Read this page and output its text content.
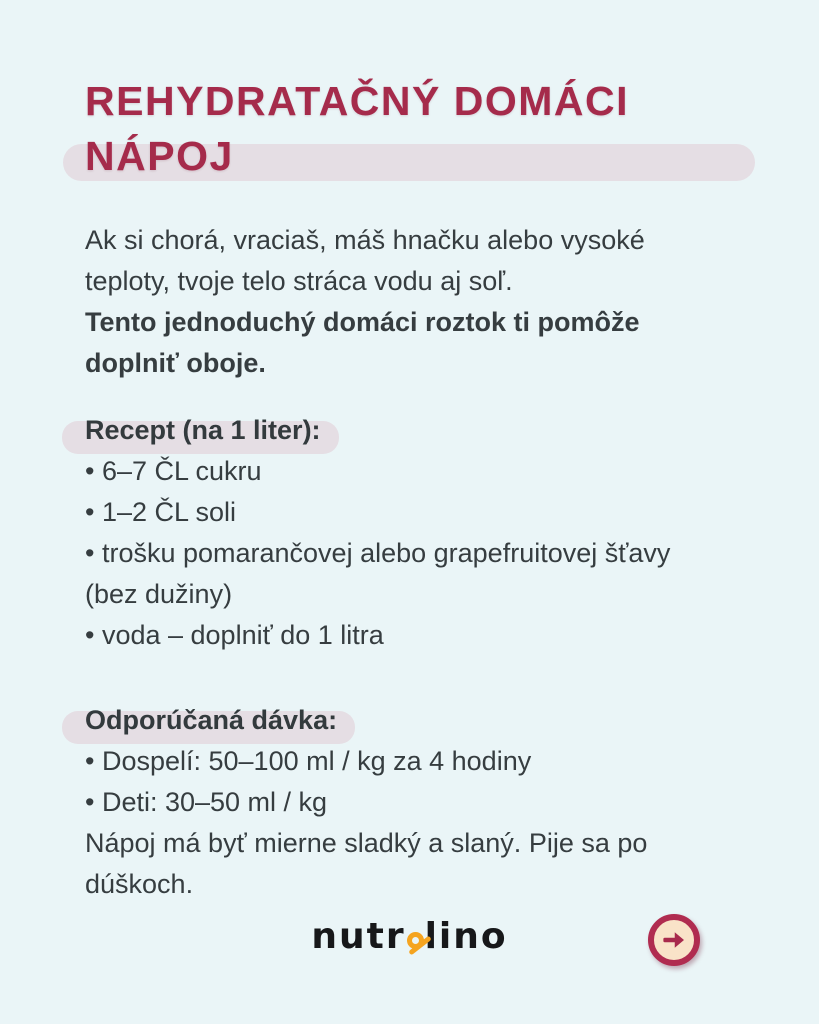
REHYDRATAČNÝ DOMÁCI NÁPOJ
Ak si chorá, vraciaš, máš hnačku alebo vysoké teploty, tvoje telo stráca vodu aj soľ.
Tento jednoduchý domáci roztok ti pomôže doplniť oboje.
Recept (na 1 liter):
• 6–7 ČL cukru
• 1–2 ČL soli
• trošku pomarančovej alebo grapefruitovej šťavy (bez dužiny)
• voda – doplniť do 1 litra
Odporúčaná dávka:
• Dospelí: 50–100 ml / kg za 4 hodiny
• Deti: 30–50 ml / kg
Nápoj má byť mierne sladký a slaný. Pije sa po dúškoch.
nutr lino
